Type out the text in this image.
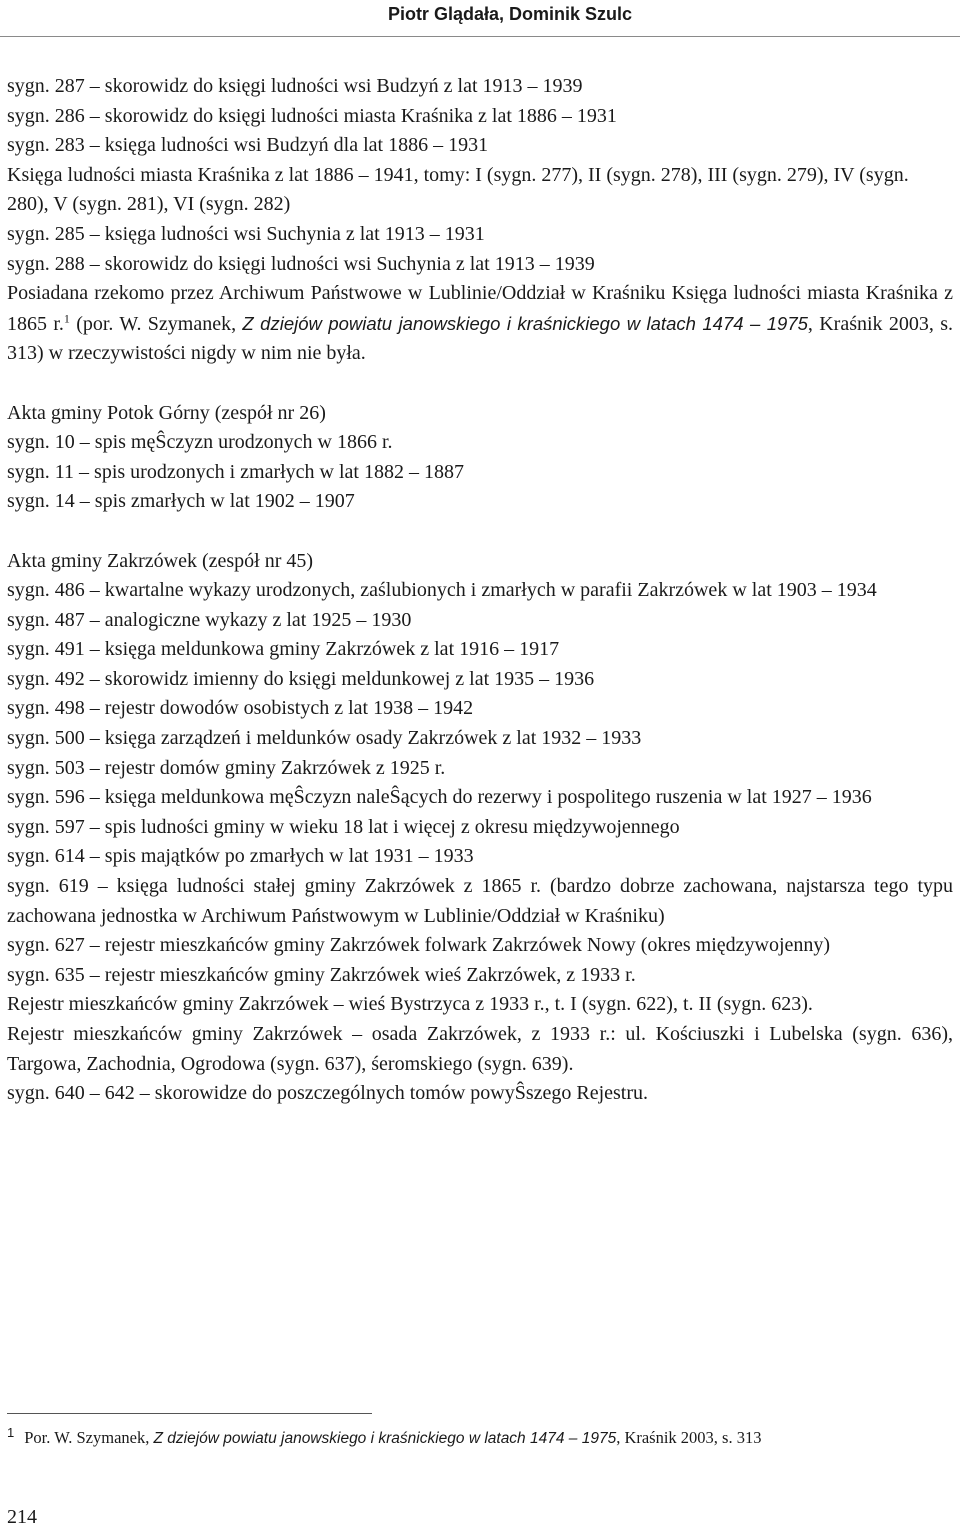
Piotr Glądała, Dominik Szulc

sygn. 287 – skorowidz do księgi ludności wsi Budzyń z lat 1913 – 1939

sygn. 286 – skorowidz do księgi ludności miasta Kraśnika z lat 1886 – 1931

sygn. 283 – księga ludności wsi Budzyń dla lat 1886 – 1931

Księga ludności miasta Kraśnika z lat 1886 – 1941, tomy: I (sygn. 277), II (sygn. 278), III (sygn. 279), IV (sygn. 280), V (sygn. 281), VI (sygn. 282)

sygn. 285 – księga ludności wsi Suchynia z lat 1913 – 1931

sygn. 288 – skorowidz do księgi ludności wsi Suchynia z lat 1913 – 1939

Posiadana rzekomo przez Archiwum Państwowe w Lublinie/Oddział w Kraśniku Księga ludności miasta Kraśnika z 1865 r.$^1$ (por. W. Szymanek, Z dziejów powiatu janowskiego i kraśnickiego w latach 1474 – 1975, Kraśnik 2003, s. 313) w rzeczywistości nigdy w nim nie była.

Akta gminy Potok Górny (zespół nr 26)

sygn. 10 – spis męŜczyzn urodzonych w 1866 r.

sygn. 11 – spis urodzonych i zmarłych w lat 1882 – 1887

sygn. 14 – spis zmarłych w lat 1902 – 1907

Akta gminy Zakrzówek (zespół nr 45)

sygn. 486 – kwartalne wykazy urodzonych, zaślubionych i zmarłych w parafii Zakrzówek w lat 1903 – 1934

sygn. 487 – analogiczne wykazy z lat 1925 – 1930

sygn. 491 – księga meldunkowa gminy Zakrzówek z lat 1916 – 1917

sygn. 492 – skorowidz imienny do księgi meldunkowej z lat 1935 – 1936

sygn. 498 – rejestr dowodów osobistych z lat 1938 – 1942

sygn. 500 – księga zarządzeń i meldunków osady Zakrzówek z lat 1932 – 1933

sygn. 503 – rejestr domów gminy Zakrzówek z 1925 r.

sygn. 596 – księga meldunkowa męŜczyzn naleŜących do rezerwy i pospolitego ruszenia w lat 1927 – 1936

sygn. 597 – spis ludności gminy w wieku 18 lat i więcej z okresu międzywojennego

sygn. 614 – spis majątków po zmarłych w lat 1931 – 1933

sygn. 619 – księga ludności stałej gminy Zakrzówek z 1865 r. (bardzo dobrze zachowana, najstarsza tego typu zachowana jednostka w Archiwum Państwowym w Lublinie/Oddział w Kraśniku)

sygn. 627 – rejestr mieszkańców gminy Zakrzówek folwark Zakrzówek Nowy (okres międzywojenny)

sygn. 635 – rejestr mieszkańców gminy Zakrzówek wieś Zakrzówek, z 1933 r.

Rejestr mieszkańców gminy Zakrzówek – wieś Bystrzyca z 1933 r., t. I (sygn. 622), t. II (sygn. 623).

Rejestr mieszkańców gminy Zakrzówek – osada Zakrzówek, z 1933 r.: ul. Kościuszki i Lubelska (sygn. 636), Targowa, Zachodnia, Ogrodowa (sygn. 637), śeromskiego (sygn. 639).

sygn. 640 – 642 – skorowidze do poszczególnych tomów powyŜszego Rejestru.

$^1$ Por. W. Szymanek, Z dziejów powiatu janowskiego i kraśnickiego w latach 1474 – 1975, Kraśnik 2003, s. 313
214
